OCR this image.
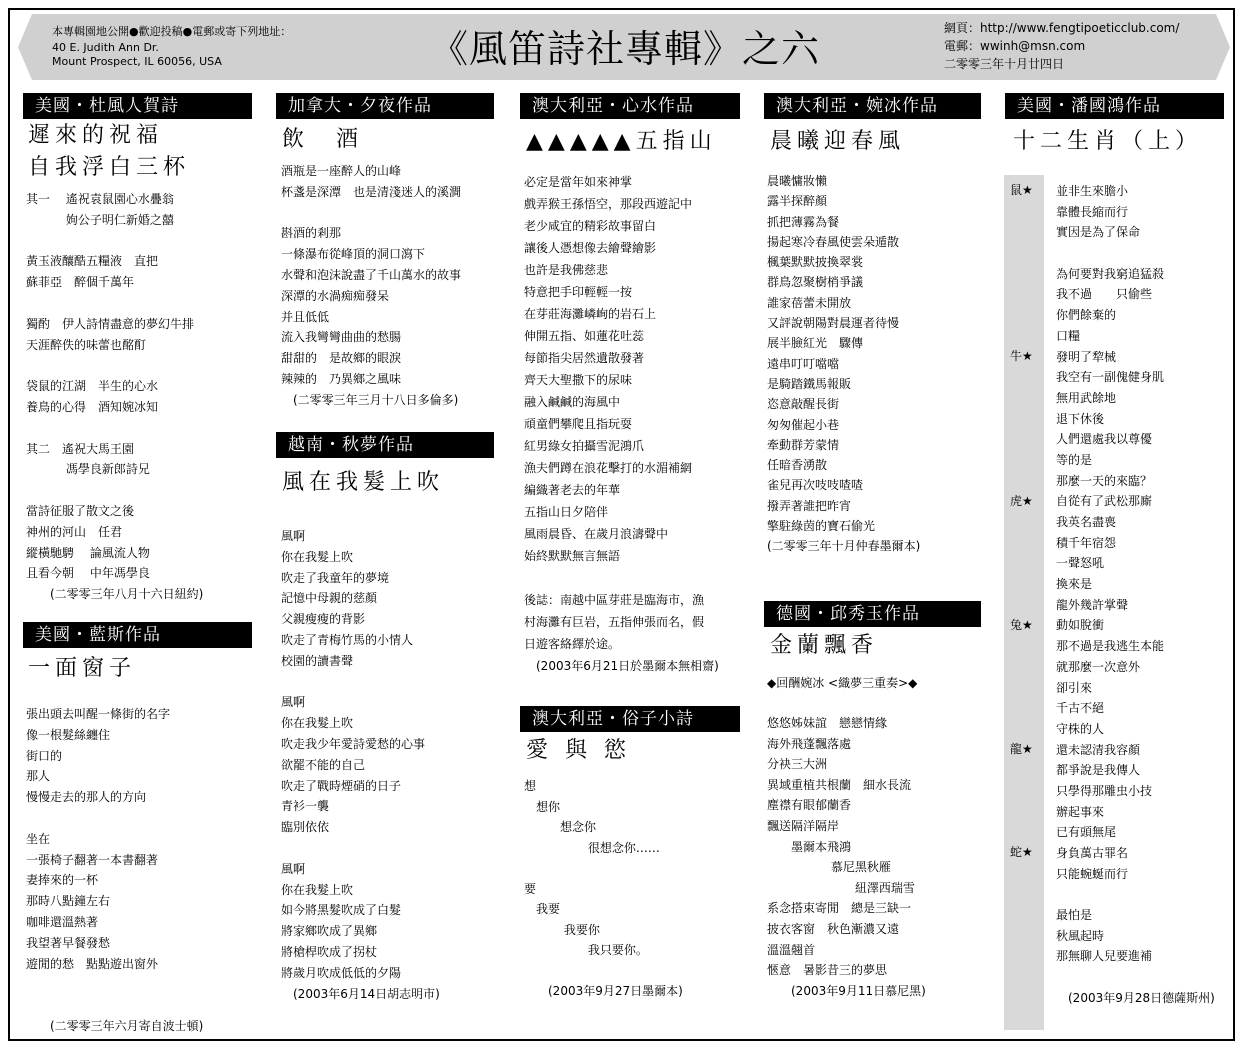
本專輯園地公開●歡迎投稿●電郵或寄下列地址：
40 E. Judith Ann Dr.
Mount Prospect, IL 60056, USA	《風笛詩社專輯》之六	網頁：http://www.fengtipoeticclub.com/
電郵：wwinh@msn.com
二零零三年十月廿四日
美國・杜風人賀詩
遲來的祝福
自我浮白三杯
其一　 遙祝袁鼠園心水疊翁
　　　 姁公子明仁新婚之囍
黃玉液釀酷五糧液　直把
蘇菲亞　醉個千萬年
獨酌　伊人詩情盡意的夢幻牛排
天涯醉佚的味蕾也酩酊
袋鼠的江湖　半生的心水
養鳥的心得　酒知婉冰知
其二　遙祝大馬王園
　　　 馮學良新郎詩兄
當詩征服了散文之後
神州的河山　任君
縱橫馳騁　 論風流人物
且看今朝　 中年馮學良
　　(二零零三年八月十六日紐約)
美國・藍斯作品
一面窗子
張出頭去叫醒一條街的名字
像一根髮絲纏住
街口的
那人
慢慢走去的那人的方向
坐在
一張椅子翻著一本書翻著
妻捧來的一杯
那時八點鐘左右
咖啡還溫熱著
我望著早餐發愁
遊閒的愁　點點遊出窗外
　　(二零零三年六月寄自波士頓)
加拿大・夕夜作品
飲　酒
酒瓶是一座醉人的山峰
杯盞是深潭　也是清淺迷人的溪澗
斟酒的剎那
一條瀑布從峰頂的洞口瀉下
水聲和泡沫說盡了千山萬水的故事
深潭的水渦痴痴發呆
并且低低
流入我彎彎曲曲的愁腸
甜甜的　是故鄉的眼淚
辣辣的　乃異鄉之風味
　(二零零三年三月十八日多倫多)
越南・秋夢作品
風在我髮上吹
風啊
你在我髮上吹
吹走了我童年的夢境
記憶中母親的慈顏
父親瘦瘦的背影
吹走了青梅竹馬的小情人
校園的讀書聲
風啊
你在我髮上吹
吹走我少年愛詩愛愁的心事
欲罷不能的自己
吹走了戰時煙硝的日子
青衫一襲
臨別依依
風啊
你在我髮上吹
如今將黑髮吹成了白髮
將家鄉吹成了異鄉
將槍桿吹成了拐杖
將歲月吹成低低的夕陽
　(2003年6月14日胡志明市)
澳大利亞・心水作品
▲▲▲▲▲五指山
必定是當年如來神掌
戲弄猴王孫悟空，那段西遊記中
老少咸宜的精彩故事留白
讓後人憑想像去繪聲繪影
也許是我佛慈悲
特意把手印輕輕一按
在芽莊海灘嶙峋的岩石上
伸開五指、如蓮花吐蕊
每節指尖居然遺散發著
齊天大聖撒下的尿味
融入鹹鹹的海風中
頑童們攀爬且指玩耍
紅男綠女拍攝雪泥鴻爪
漁夫們蹲在浪花擊打的水湄補網
編織著老去的年華
五指山日夕陪伴
風雨晨昏、在歲月浪濤聲中
始終默默無言無語
後誌：南越中區芽莊是臨海市，漁
村海灘有巨岩，五指伸張而名，假
日遊客絡繹於途。
　(2003年6月21日於墨爾本無相齋)
澳大利亞・俗子小詩
愛 與 慾
想
　想你
　　　想念你
　　　　　 很想念你……
要
　我要
　　　 我要你
　　　　　 我只要你。
　　(2003年9月27日墨爾本)
澳大利亞・婉冰作品
晨曦迎春風
晨曦慵妝懶
露半探醉顏
抓把薄霧為餐
揚起寒冷春風使雲朵遁散
楓葉默默披換翠裳
群鳥忽聚樹梢爭議
誰家蓓蕾未開放
又評說朝陽對晨運者待慢
展半臉紅光　驟傳
遠串叮叮噹噹
是騎踏鐵馬報販
恣意敲醒長街
匆匆催起小巷
牽動群芳蒙情
任暗香湧散
雀兒再次吱吱喳喳
撥弄著誰把昨宵
擎駐綠茵的寶石偷光
(二零零三年十月仲春墨爾本)
德國・邱秀玉作品
金蘭飄香
◆回酬婉冰 <織夢三重奏>◆
悠悠姊妹誼　戀戀情緣
海外飛蓬飄落處
分袂三大洲
異域重植共根蘭　細水長流
塵襟有眼郁蘭香
飄送隔洋隔岸
　　墨爾本飛鴻
　　　　　 慕尼黑秋雁
　　　　　　　 紐澤西瑞雪
系念搭束寄閒　總是三缺一
披衣客窗　秋色漸濃又遠
溫溫翹首
愜意　暑影昔三的夢思
　　(2003年9月11日慕尼黑)
美國・潘國鴻作品
十二生肖（上）
並非生來膽小
靠體長縮而行
實因是為了保命
為何要對我窮追猛殺
我不過　　只偷些
你們餘棄的
口糧
發明了犂械
我空有一副傀健身肌
無用武餘地
退下休後
人們還處我以尊優
等的是
那麼一天的來臨？
自從有了武松那廝
我英名盡喪
積千年宿怨
一聲怒吼
換來是
龍外幾許掌聲
動如脫衝
那不過是我逃生本能
就那麼一次意外
卻引來
千古不絕
守株的人
還未認清我容顏
都爭說是我傳人
只學得那雕虫小技
辦起事來
已有頭無尾
身負萬古罪名
只能蜿蜒而行
最怕是
秋風起時
那無聊人兒要進補
　(2003年9月28日德薩斯州)
鼠★
牛★
虎★
兔★
龍★
蛇★
